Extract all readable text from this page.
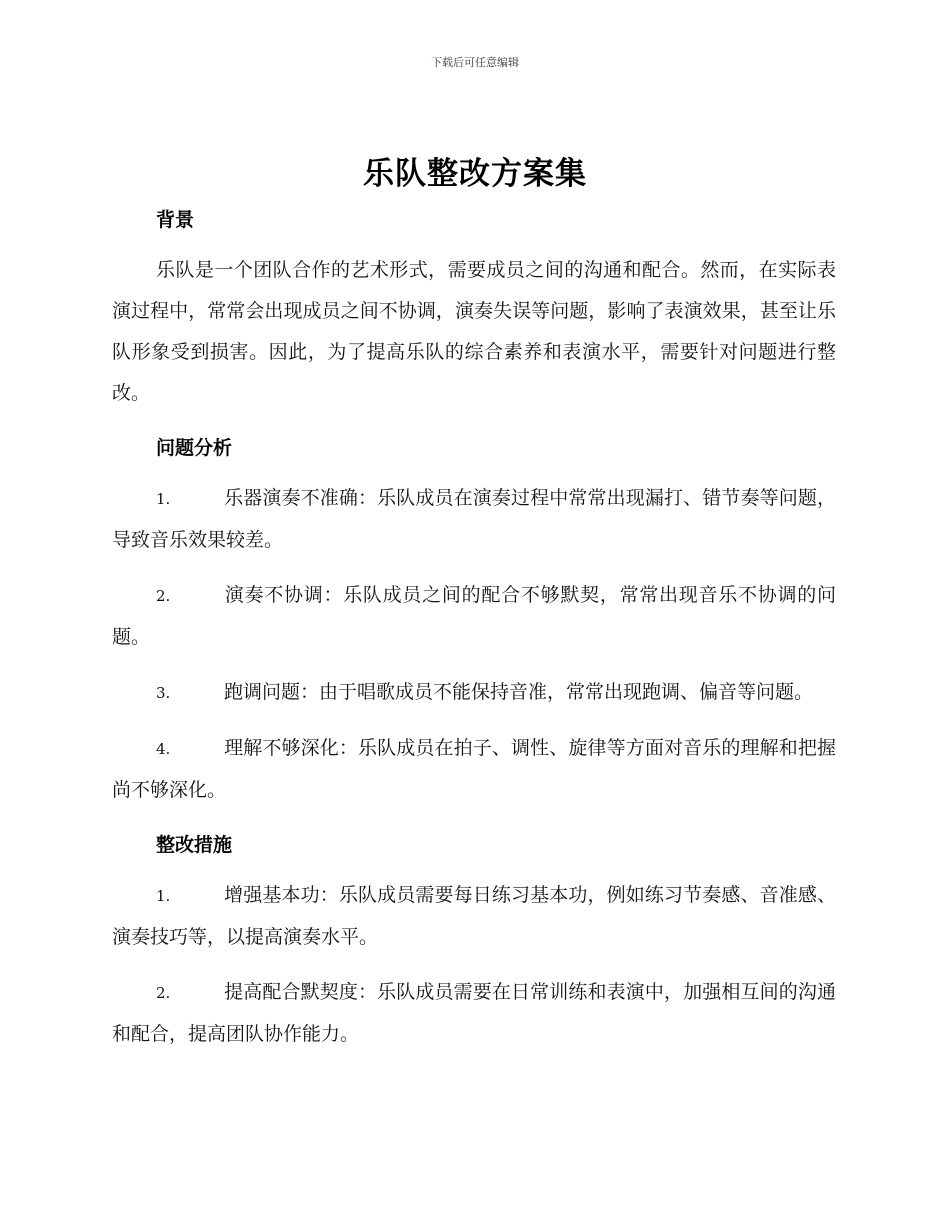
下载后可任意编辑
乐队整改方案集
背景

乐队是一个团队合作的艺术形式，需要成员之间的沟通和配合。然而，在实际表演过程中，常常会出现成员之间不协调，演奏失误等问题，影响了表演效果，甚至让乐队形象受到损害。因此，为了提高乐队的综合素养和表演水平，需要针对问题进行整改。

问题分析

1.	乐器演奏不准确：乐队成员在演奏过程中常常出现漏打、错节奏等问题，导致音乐效果较差。

2.	演奏不协调：乐队成员之间的配合不够默契，常常出现音乐不协调的问题。

3.	跑调问题：由于唱歌成员不能保持音准，常常出现跑调、偏音等问题。

4.	理解不够深化：乐队成员在拍子、调性、旋律等方面对音乐的理解和把握尚不够深化。

整改措施

1.	增强基本功：乐队成员需要每日练习基本功，例如练习节奏感、音准感、演奏技巧等，以提高演奏水平。

2.	提高配合默契度：乐队成员需要在日常训练和表演中，加强相互间的沟通和配合，提高团队协作能力。
